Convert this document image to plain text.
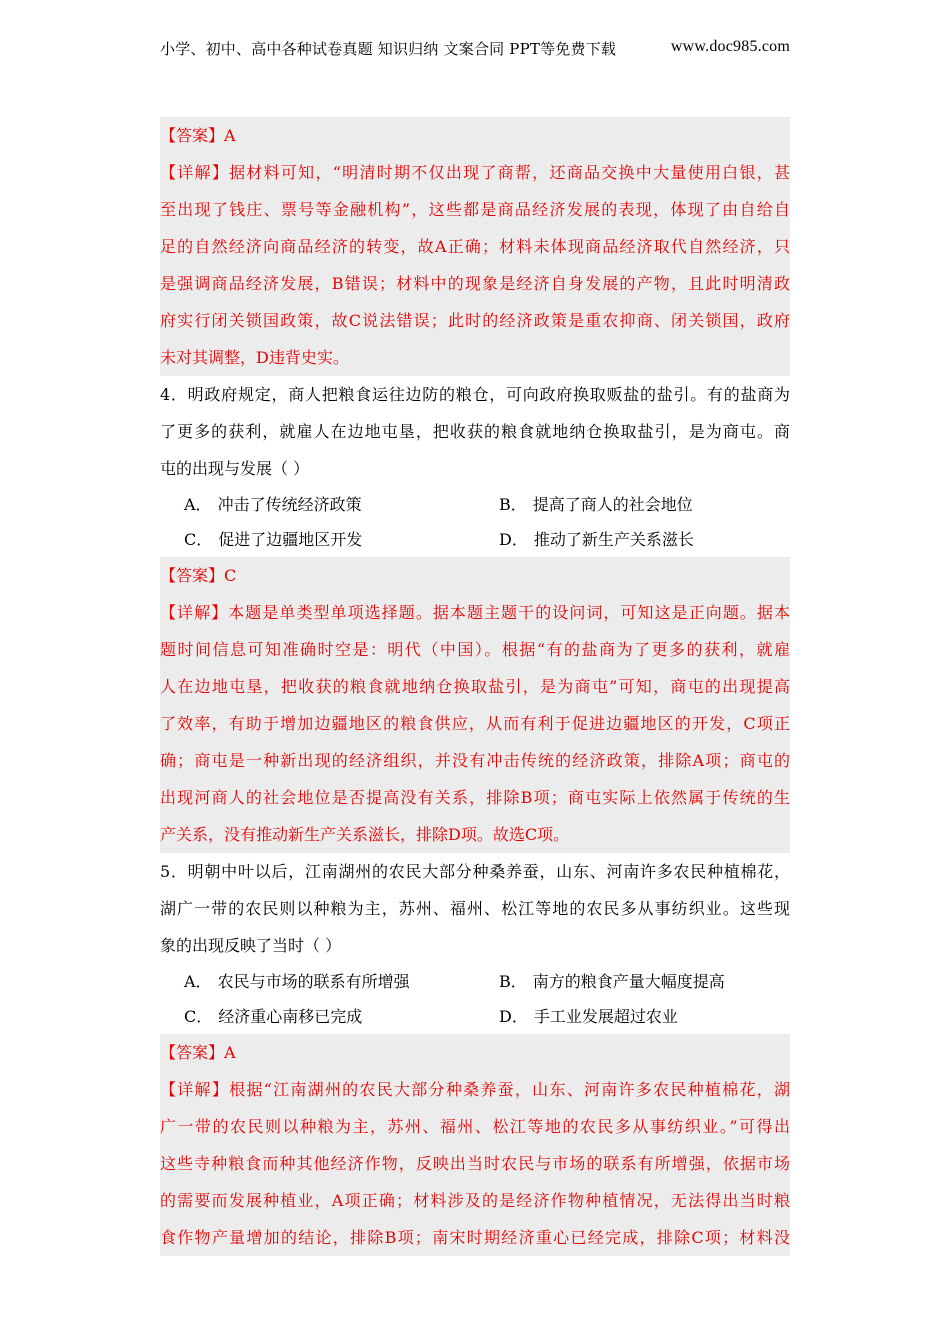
小学、初中、高中各种试卷真题 知识归纳 文案合同 PPT等免费下载	www.doc985.com
【答案】A
【详解】据材料可知，“明清时期不仅出现了商帮，还商品交换中大量使用白银，甚
至出现了钱庄、票号等金融机构”，这些都是商品经济发展的表现，体现了由自给自
足的自然经济向商品经济的转变，故A正确；材料未体现商品经济取代自然经济，只
是强调商品经济发展，B错误；材料中的现象是经济自身发展的产物，且此时明清政
府实行闭关锁国政策，故C说法错误；此时的经济政策是重农抑商、闭关锁国，政府
未对其调整，D违背史实。
4．明政府规定，商人把粮食运往边防的粮仓，可向政府换取贩盐的盐引。有的盐商为
了更多的获利，就雇人在边地屯垦，把收获的粮食就地纳仓换取盐引，是为商屯。商
屯的出现与发展（ ）
A． 冲击了传统经济政策	B． 提高了商人的社会地位
C． 促进了边疆地区开发	D． 推动了新生产关系滋长
【答案】C
【详解】本题是单类型单项选择题。据本题主题干的设问词，可知这是正向题。据本
题时间信息可知准确时空是：明代（中国）。根据“有的盐商为了更多的获利，就雇
人在边地屯垦，把收获的粮食就地纳仓换取盐引，是为商屯”可知，商屯的出现提高
了效率，有助于增加边疆地区的粮食供应，从而有利于促进边疆地区的开发，C项正
确；商屯是一种新出现的经济组织，并没有冲击传统的经济政策，排除A项；商屯的
出现河商人的社会地位是否提高没有关系，排除B项；商屯实际上依然属于传统的生
产关系，没有推动新生产关系滋长，排除D项。故选C项。
5．明朝中叶以后，江南湖州的农民大部分种桑养蚕，山东、河南许多农民种植棉花，
湖广一带的农民则以种粮为主，苏州、福州、松江等地的农民多从事纺织业。这些现
象的出现反映了当时（ ）
A． 农民与市场的联系有所增强	B． 南方的粮食产量大幅度提高
C． 经济重心南移已完成	D． 手工业发展超过农业
【答案】A
【详解】根据“江南湖州的农民大部分种桑养蚕，山东、河南许多农民种植棉花，湖
广一带的农民则以种粮为主，苏州、福州、松江等地的农民多从事纺织业。”可得出
这些寺种粮食而种其他经济作物，反映出当时农民与市场的联系有所增强，依据市场
的需要而发展种植业，A项正确；材料涉及的是经济作物种植情况，无法得出当时粮
食作物产量增加的结论，排除B项；南宋时期经济重心已经完成，排除C项；材料没
